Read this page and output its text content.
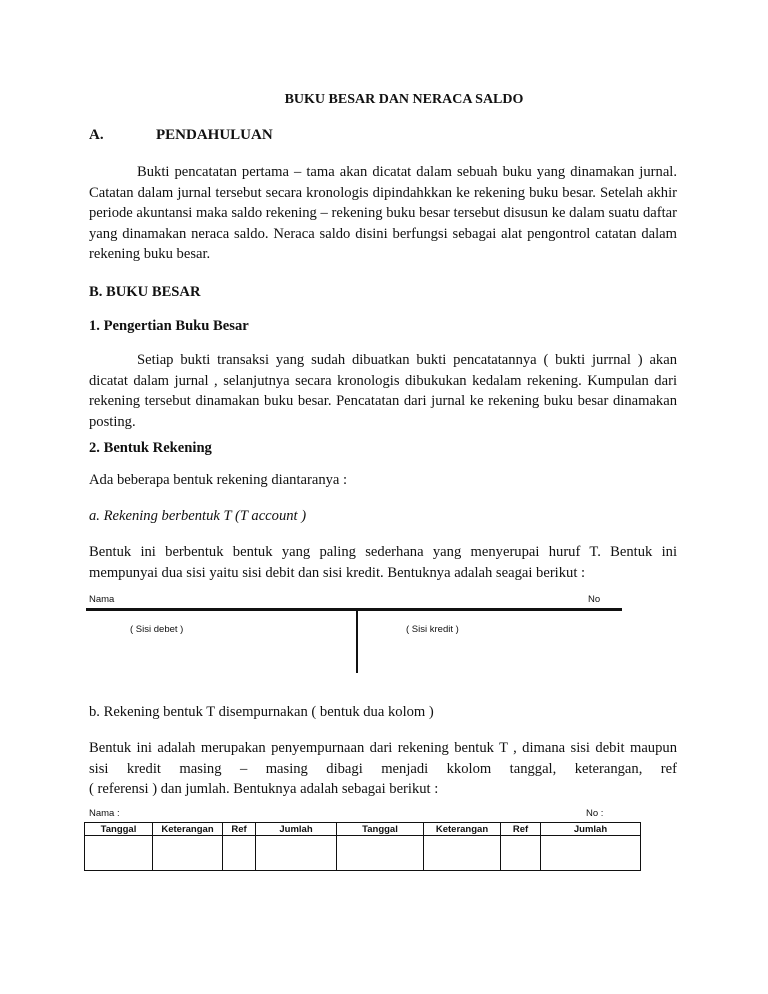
BUKU BESAR DAN NERACA SALDO
A.	PENDAHULUAN
Bukti pencatatan pertama – tama akan dicatat dalam sebuah buku yang dinamakan jurnal. Catatan dalam jurnal tersebut secara kronologis dipindahkkan ke rekening buku besar. Setelah akhir periode akuntansi maka saldo rekening – rekening buku besar tersebut disusun ke dalam suatu daftar yang dinamakan neraca saldo. Neraca saldo disini berfungsi sebagai alat pengontrol catatan dalam rekening buku besar.
B. BUKU BESAR
1. Pengertian Buku Besar
Setiap bukti transaksi yang sudah dibuatkan bukti pencatatannya ( bukti jurrnal ) akan dicatat dalam jurnal , selanjutnya secara kronologis dibukukan kedalam rekening. Kumpulan dari rekening tersebut dinamakan buku besar. Pencatatan dari jurnal ke rekening buku besar dinamakan posting.
2. Bentuk Rekening
Ada beberapa bentuk rekening diantaranya :
a. Rekening berbentuk T (T account )
Bentuk ini berbentuk bentuk yang paling sederhana yang menyerupai huruf T. Bentuk ini mempunyai dua sisi yaitu sisi debit dan sisi kredit. Bentuknya adalah seagai berikut :
Nama	No
( Sisi debet )	( Sisi kredit )
b. Rekening bentuk T disempurnakan ( bentuk dua kolom )
Bentuk ini adalah merupakan penyempurnaan dari rekening bentuk T , dimana sisi debit maupun
sisi kredit masing – masing dibagi menjadi kkolom tanggal, keterangan, ref
( referensi ) dan jumlah. Bentuknya adalah sebagai berikut :
Nama :	No :
Tanggal	Keterangan	Ref	Jumlah	Tanggal	Keterangan	Ref	Jumlah
